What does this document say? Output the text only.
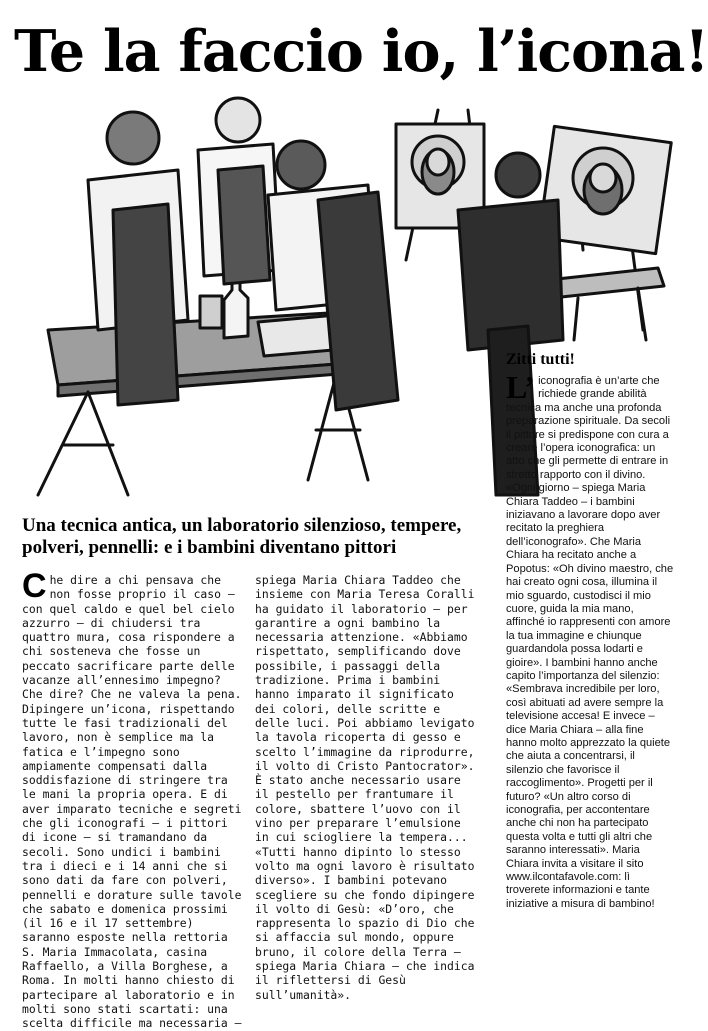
Te la faccio io, l’icona!
Una tecnica antica, un laboratorio silenzioso, tempere, polveri, pennelli: e i bambini diventano pittori

Che dire a chi pensava che non fosse proprio il caso – con quel caldo e quel bel cielo azzurro – di chiudersi tra quattro mura, cosa rispondere a chi sosteneva che fosse un peccato sacrificare parte delle vacanze all’ennesimo impegno? Che dire? Che ne valeva la pena. Dipingere un’icona, rispettando tutte le fasi tradizionali del lavoro, non è semplice ma la fatica e l’impegno sono ampiamente compensati dalla soddisfazione di stringere tra le mani la propria opera. E di aver imparato tecniche e segreti che gli iconografi – i pittori di icone – si tramandano da secoli. Sono undici i bambini tra i dieci e i 14 anni che si sono dati da fare con polveri, pennelli e dorature sulle tavole che sabato e domenica prossimi (il 16 e il 17 settembre) saranno esposte nella rettoria S. Maria Immacolata, casina Raffaello, a Villa Borghese, a Roma. In molti hanno chiesto di partecipare al laboratorio e in molti sono stati scartati: una scelta difficile ma necessaria –

spiega Maria Chiara Taddeo che insieme con Maria Teresa Coralli ha guidato il laboratorio – per garantire a ogni bambino la necessaria attenzione. «Abbiamo rispettato, semplificando dove possibile, i passaggi della tradizione. Prima i bambini hanno imparato il significato dei colori, delle scritte e delle luci. Poi abbiamo levigato la tavola ricoperta di gesso e scelto l’immagine da riprodurre, il volto di Cristo Pantocrator». È stato anche necessario usare il pestello per frantumare il colore, sbattere l’uovo con il vino per preparare l’emulsione in cui sciogliere la tempera... «Tutti hanno dipinto lo stesso volto ma ogni lavoro è risultato diverso». I bambini potevano scegliere su che fondo dipingere il volto di Gesù: «D’oro, che rappresenta lo spazio di Dio che si affaccia sul mondo, oppure bruno, il colore della Terra – spiega Maria Chiara – che indica il riflettersi di Gesù sull’umanità».

Zitti tutti!

L’ iconografia è un’arte che richiede grande abilità tecnica ma anche una profonda preparazione spirituale. Da secoli il pittore si predispone con cura a creare l’opera iconografica: un atto che gli permette di entrare in stretto rapporto con il divino. «Ogni giorno – spiega Maria Chiara Taddeo – i bambini iniziavano a lavorare dopo aver recitato la preghiera dell’iconografo». Che Maria Chiara ha recitato anche a Popotus: «Oh divino maestro, che hai creato ogni cosa, illumina il mio sguardo, custodisci il mio cuore, guida la mia mano, affinché io rappresenti con amore la tua immagine e chiunque guardandola possa lodarti e gioire». I bambini hanno anche capito l’importanza del silenzio: «Sembrava incredibile per loro, così abituati ad avere sempre la televisione accesa! E invece – dice Maria Chiara – alla fine hanno molto apprezzato la quiete che aiuta a concentrarsi, il silenzio che favorisce il raccoglimento». Progetti per il futuro? «Un altro corso di iconografia, per accontentare anche chi non ha partecipato questa volta e tutti gli altri che saranno interessati». Maria Chiara invita a visitare il sito www.ilcontafavole.com: lì troverete informazioni e tante iniziative a misura di bambino!
